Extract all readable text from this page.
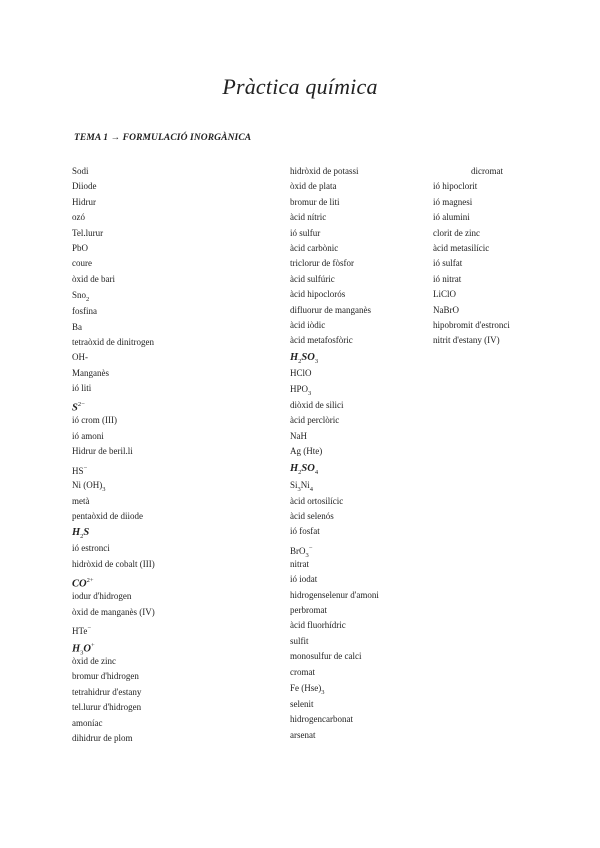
Pràctica química
TEMA 1 → FORMULACIÓ INORGÀNICA
Sodi
Diiode
Hidrur
ozó
Tel.lurur
PbO
coure
òxid de bari
Sno$_2$
fosfina
Ba
tetraòxid de dinitrogen
OH-
Manganès
ió liti
$S^{2-}$
ió crom (III)
ió amoni
Hidrur de beril.li
HS−
Ni $(OH)_3$
metà
pentaòxid de diiode
$H_2S$
ió estronci
hidròxid de cobalt (III)
$CO^{2+}$
iodur d'hidrogen
òxid de manganès (IV)
HTe−
$H_3O^+$
òxid de zinc
bromur d'hidrogen
tetrahidrur d'estany
tel.lurur d'hidrogen
amoníac
dihidrur de plom
hidròxid de potassi
òxid de plata
bromur de liti
àcid nítric
ió sulfur
àcid carbònic
triclorur de fòsfor
àcid sulfúric
àcid hipoclorós
difluorur de manganès
àcid iòdic
àcid metafosfòric
$H_2SO_3$
HClO
$HPO_3$
diòxid de silici
àcid perclòric
NaH
Ag (Hte)
$H_2SO_4$
$Si_3Ni_4$
àcid ortosilícic
àcid selenós
ió fosfat
BrO$_3$−
nitrat
ió iodat
hidrogenselenur d'amoni
perbromat
àcid fluorhídric
sulfit
monosulfur de calci
cromat
Fe $(Hse)_3$
selenit
hidrogencarbonat
arsenat
dicromat
ió hipoclorit
ió magnesi
ió alumini
clorit de zinc
àcid metasilícic
ió sulfat
ió nitrat
LiClO
NaBrO
hipobromit d'estronci
nitrit d'estany (IV)
